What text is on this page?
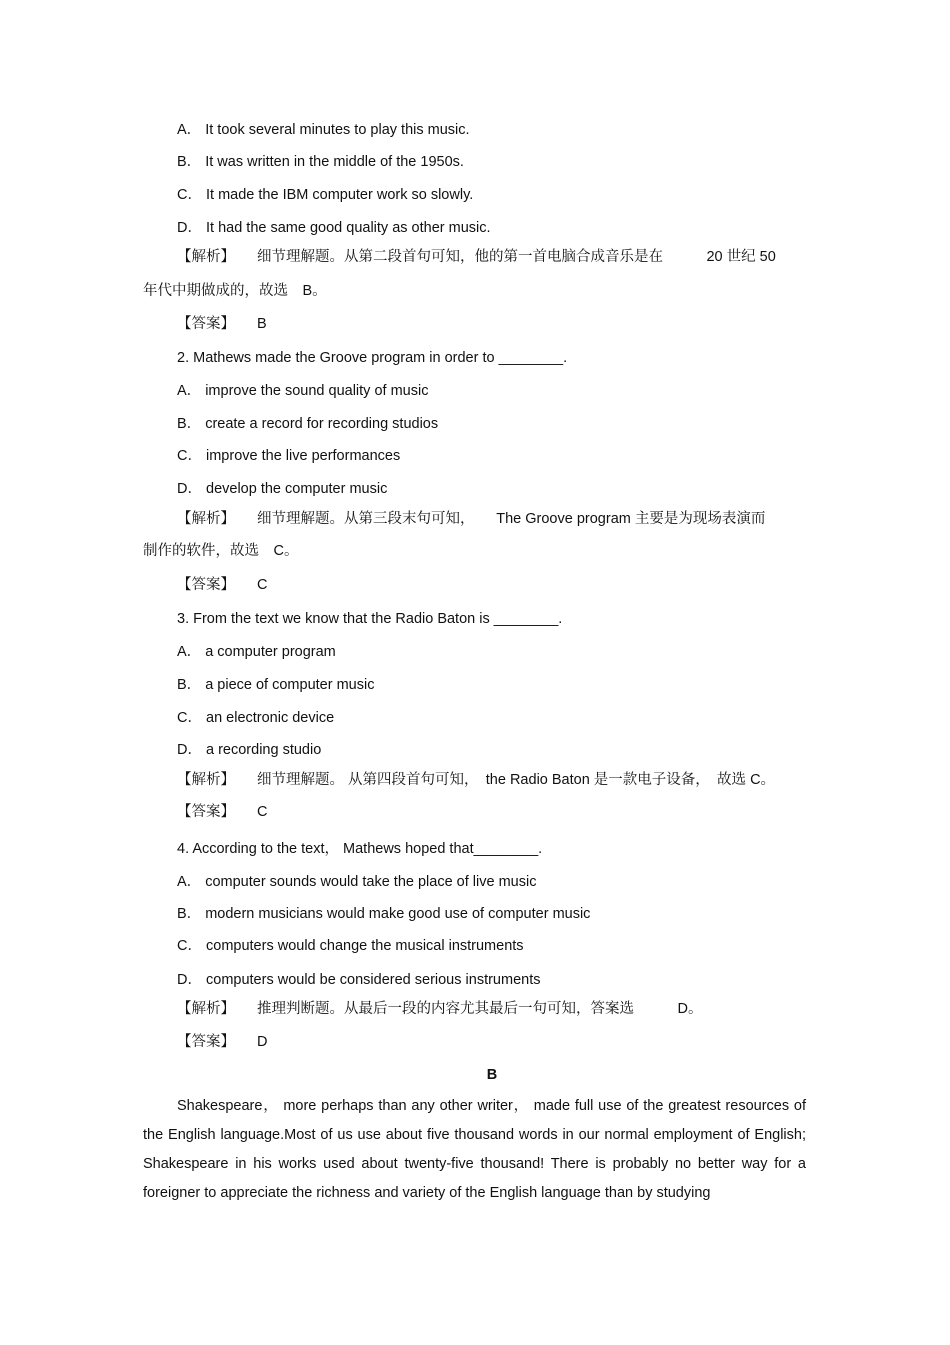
A． It took several minutes to play this music.
B． It was written in the middle of the 1950s.
C． It made the IBM computer work so slowly.
D． It had the same good quality as other music.
【解析】 细节理解题。从第二段首句可知，他的第一首电脑合成音乐是在　　　20 世纪 50
年代中期做成的，故选　B。
【答案】 B
2. Mathews made the Groove program in order to ________.
A． improve the sound quality of music
B． create a record for recording studios
C． improve the live performances
D． develop the computer music
【解析】 细节理解题。从第三段末句可知，　　The Groove program 主要是为现场表演而
制作的软件，故选　C。
【答案】 C
3. From the text we know that the Radio Baton is ________.
A． a computer program
B． a piece of computer music
C． an electronic device
D． a recording studio
【解析】 细节理解题。 从第四段首句可知，　the Radio Baton 是一款电子设备，　故选 C。
【答案】 C
4. According to the text， Mathews hoped that________.
A． computer sounds would take the place of live music
B． modern musicians would make good use of computer music
C． computers would change the musical instruments
D． computers would be considered serious instruments
【解析】 推理判断题。从最后一段的内容尤其最后一句可知，答案选　　　D。
【答案】 D
B

Shakespeare， more perhaps than any other writer， made full use of the greatest resources of the English language.Most of us use about five thousand words in our normal employment of English; Shakespeare in his works used about twenty-five thousand! There is probably no better way for a foreigner to appreciate the richness and variety of the English language than by studying
